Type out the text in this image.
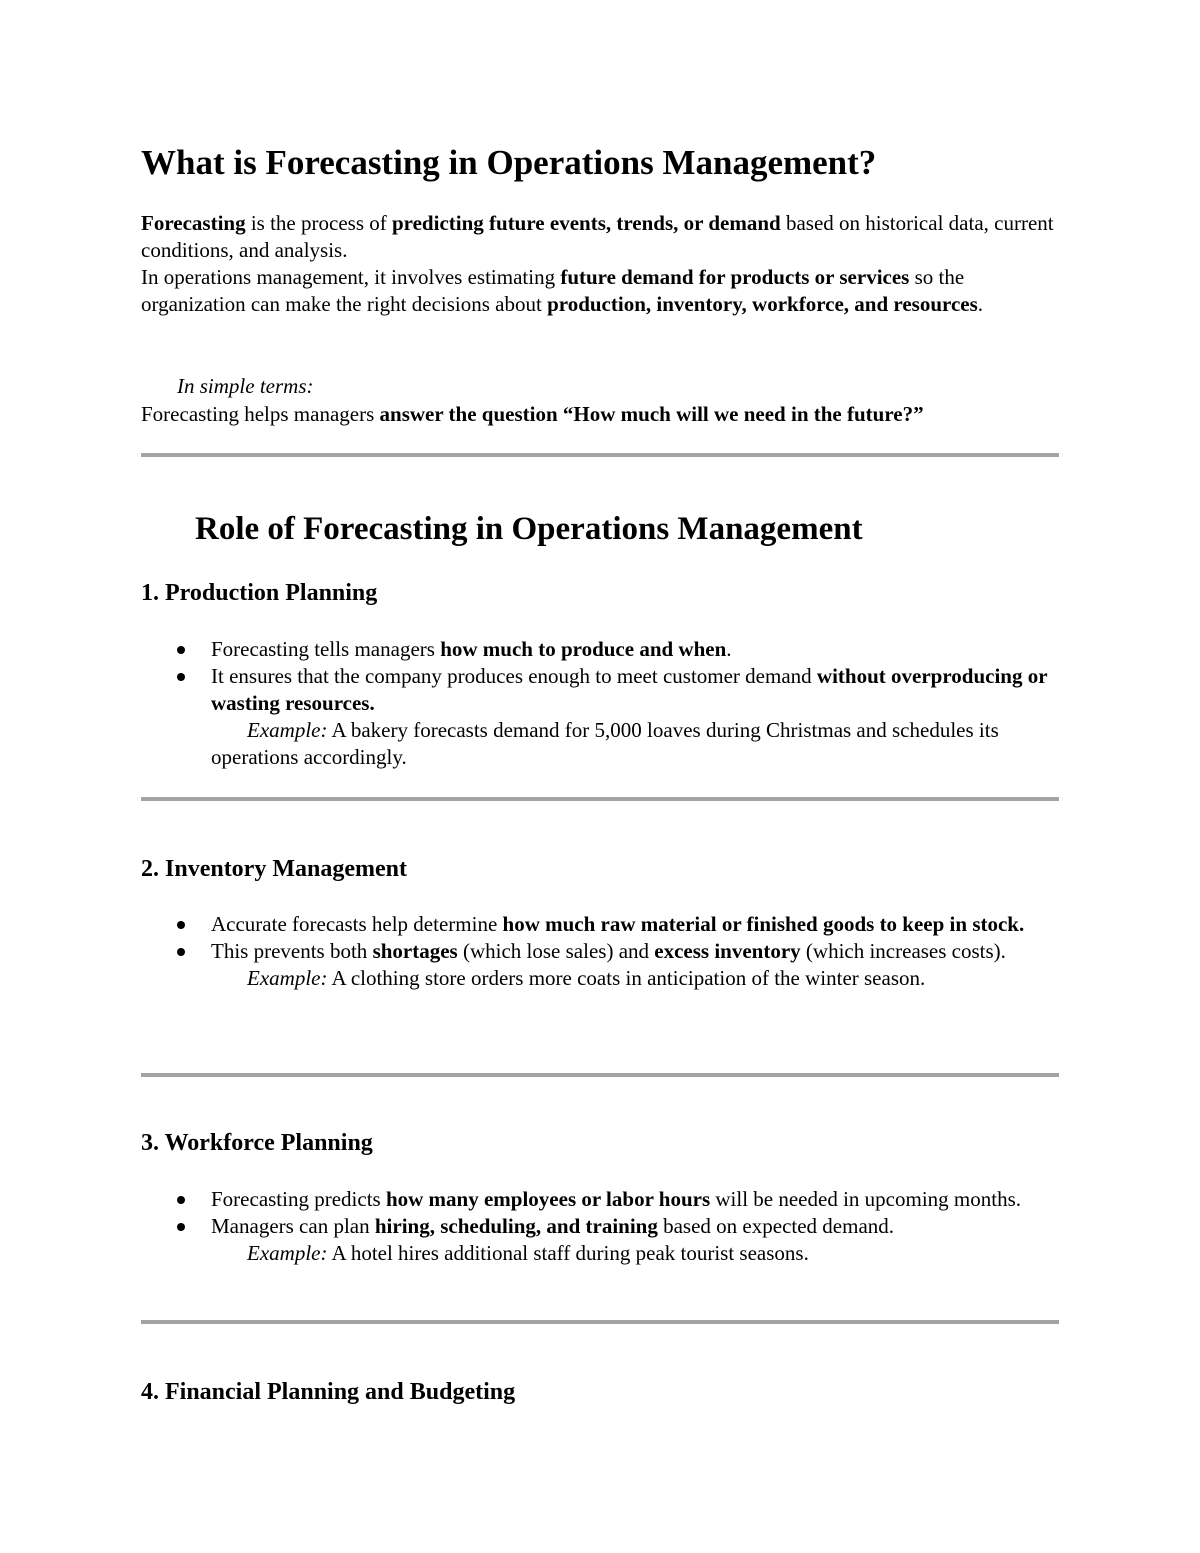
What is Forecasting in Operations Management?

Forecasting is the process of predicting future events, trends, or demand based on historical data, current conditions, and analysis.

In operations management, it involves estimating future demand for products or services so the organization can make the right decisions about production, inventory, workforce, and resources.

In simple terms:

Forecasting helps managers answer the question “How much will we need in the future?”

Role of Forecasting in Operations Management
1. Production Planning
Forecasting tells managers how much to produce and when.
It ensures that the company produces enough to meet customer demand without overproducing or wasting resources.
Example: A bakery forecasts demand for 5,000 loaves during Christmas and schedules its operations accordingly.
2. Inventory Management
Accurate forecasts help determine how much raw material or finished goods to keep in stock.
This prevents both shortages (which lose sales) and excess inventory (which increases costs).
Example: A clothing store orders more coats in anticipation of the winter season.
3. Workforce Planning
Forecasting predicts how many employees or labor hours will be needed in upcoming months.
Managers can plan hiring, scheduling, and training based on expected demand.
Example: A hotel hires additional staff during peak tourist seasons.
4. Financial Planning and Budgeting
